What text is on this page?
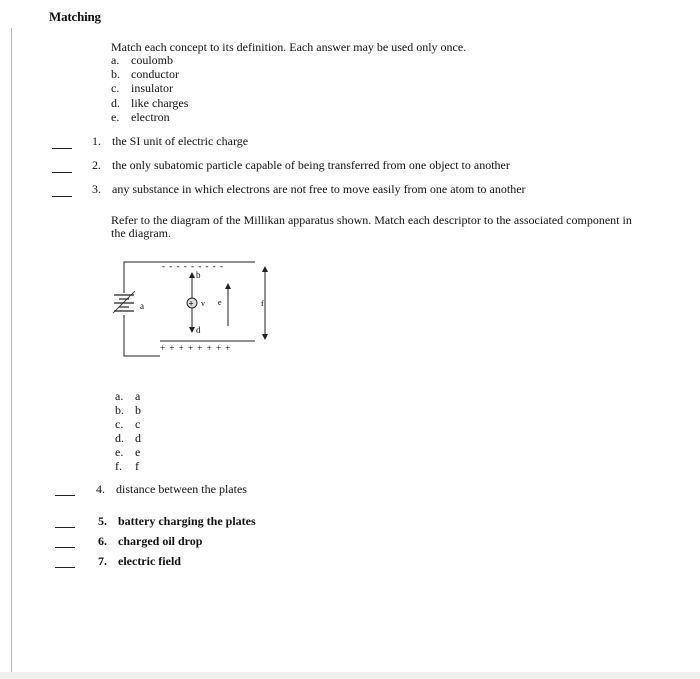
Matching
Match each concept to its definition. Each answer may be used only once.
a. coulomb
b. conductor
c. insulator
d. like charges
e. electron
1. the SI unit of electric charge
2. the only subatomic particle capable of being transferred from one object to another
3. any substance in which electrons are not free to move easily from one atom to another
Refer to the diagram of the Millikan apparatus shown. Match each descriptor to the associated component in
the diagram.
a
- - - - - - - - -
+ + + + + + + +
b
+
d
v e	f
a. a
b. b
c. c
d. d
e. e
f. f
4. distance between the plates
5. battery charging the plates
6. charged oil drop
7. electric field
